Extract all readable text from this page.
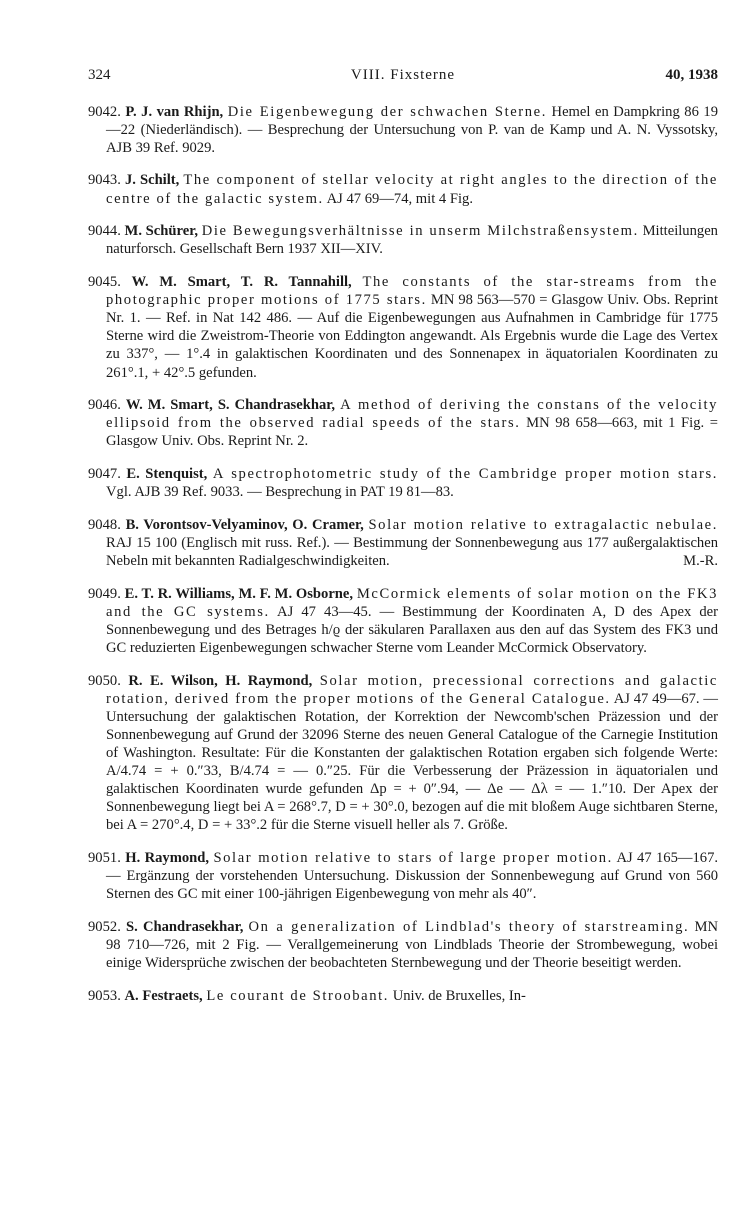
324	VIII. Fixsterne	40, 1938

9042. P. J. van Rhijn, Die Eigenbewegung der schwachen Sterne. Hemel en Dampkring 86 19—22 (Niederländisch). — Besprechung der Untersuchung von P. van de Kamp und A. N. Vyssotsky, AJB 39 Ref. 9029.

9043. J. Schilt, The component of stellar velocity at right angles to the direction of the centre of the galactic system. AJ 47 69—74, mit 4 Fig.

9044. M. Schürer, Die Bewegungsverhältnisse in unserm Milchstraßensystem. Mitteilungen naturforsch. Gesellschaft Bern 1937 XII—XIV.

9045. W. M. Smart, T. R. Tannahill, The constants of the star-streams from the photographic proper motions of 1775 stars. MN 98 563—570 = Glasgow Univ. Obs. Reprint Nr. 1. — Ref. in Nat 142 486. — Auf die Eigenbewegungen aus Aufnahmen in Cambridge für 1775 Sterne wird die Zweistrom-Theorie von Eddington angewandt. Als Ergebnis wurde die Lage des Vertex zu 337°, — 1°.4 in galaktischen Koordinaten und des Sonnenapex in äquatorialen Koordinaten zu 261°.1, + 42°.5 gefunden.

9046. W. M. Smart, S. Chandrasekhar, A method of deriving the constans of the velocity ellipsoid from the observed radial speeds of the stars. MN 98 658—663, mit 1 Fig. = Glasgow Univ. Obs. Reprint Nr. 2.

9047. E. Stenquist, A spectrophotometric study of the Cambridge proper motion stars. Vgl. AJB 39 Ref. 9033. — Besprechung in PAT 19 81—83.

9048. B. Vorontsov-Velyaminov, O. Cramer, Solar motion relative to extragalactic nebulae. RAJ 15 100 (Englisch mit russ. Ref.). — Bestimmung der Sonnenbewegung aus 177 außergalaktischen Nebeln mit bekannten Radialgeschwindigkeiten.	M.-R.

9049. E. T. R. Williams, M. F. M. Osborne, McCormick elements of solar motion on the FK3 and the GC systems. AJ 47 43—45. — Bestimmung der Koordinaten A, D des Apex der Sonnenbewegung und des Betrages h/ϱ der säkularen Parallaxen aus den auf das System des FK3 und GC reduzierten Eigenbewegungen schwacher Sterne vom Leander McCormick Observatory.

9050. R. E. Wilson, H. Raymond, Solar motion, precessional corrections and galactic rotation, derived from the proper motions of the General Catalogue. AJ 47 49—67. — Untersuchung der galaktischen Rotation, der Korrektion der Newcomb'schen Präzession und der Sonnenbewegung auf Grund der 32096 Sterne des neuen General Catalogue of the Carnegie Institution of Washington. Resultate: Für die Konstanten der galaktischen Rotation ergaben sich folgende Werte: A/4.74 = + 0.″33, B/4.74 = — 0.″25. Für die Verbesserung der Präzession in äquatorialen und galaktischen Koordinaten wurde gefunden Δp = + 0″.94, — Δe — Δλ = — 1.″10. Der Apex der Sonnenbewegung liegt bei A = 268°.7, D = + 30°.0, bezogen auf die mit bloßem Auge sichtbaren Sterne, bei A = 270°.4, D = + 33°.2 für die Sterne visuell heller als 7. Größe.

9051. H. Raymond, Solar motion relative to stars of large proper motion. AJ 47 165—167. — Ergänzung der vorstehenden Untersuchung. Diskussion der Sonnenbewegung auf Grund von 560 Sternen des GC mit einer 100-jährigen Eigenbewegung von mehr als 40″.

9052. S. Chandrasekhar, On a generalization of Lindblad's theory of starstreaming. MN 98 710—726, mit 2 Fig. — Verallgemeinerung von Lindblads Theorie der Strombewegung, wobei einige Widersprüche zwischen der beobachteten Sternbewegung und der Theorie beseitigt werden.

9053. A. Festraets, Le courant de Stroobant. Univ. de Bruxelles, In-
